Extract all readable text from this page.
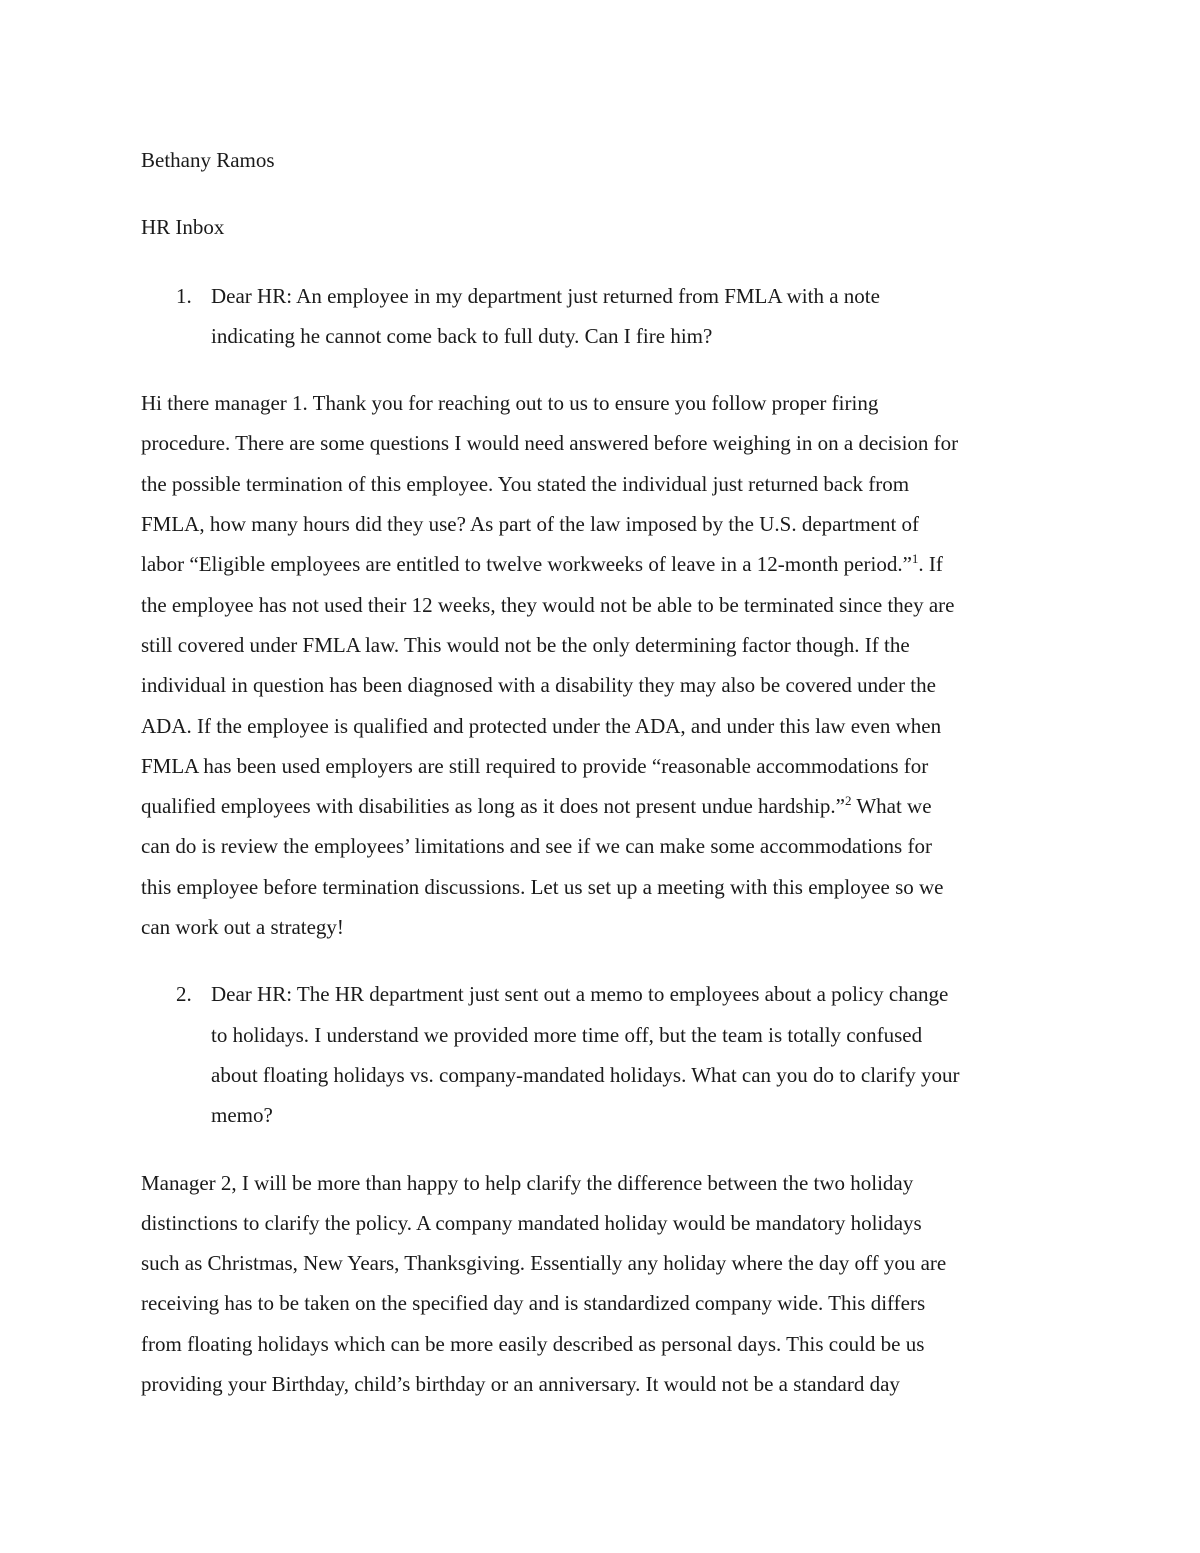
Bethany Ramos
HR Inbox
1. Dear HR: An employee in my department just returned from FMLA with a note
indicating he cannot come back to full duty. Can I fire him?
Hi there manager 1. Thank you for reaching out to us to ensure you follow proper firing
procedure. There are some questions I would need answered before weighing in on a decision for
the possible termination of this employee. You stated the individual just returned back from
FMLA, how many hours did they use? As part of the law imposed by the U.S. department of
labor “Eligible employees are entitled to twelve workweeks of leave in a 12-month period.”$^1$. If
the employee has not used their 12 weeks, they would not be able to be terminated since they are
still covered under FMLA law. This would not be the only determining factor though. If the
individual in question has been diagnosed with a disability they may also be covered under the
ADA. If the employee is qualified and protected under the ADA, and under this law even when
FMLA has been used employers are still required to provide “reasonable accommodations for
qualified employees with disabilities as long as it does not present undue hardship.”$^2$ What we
can do is review the employees’ limitations and see if we can make some accommodations for
this employee before termination discussions. Let us set up a meeting with this employee so we
can work out a strategy!
2. Dear HR: The HR department just sent out a memo to employees about a policy change
to holidays. I understand we provided more time off, but the team is totally confused
about floating holidays vs. company-mandated holidays. What can you do to clarify your
memo?
Manager 2, I will be more than happy to help clarify the difference between the two holiday
distinctions to clarify the policy. A company mandated holiday would be mandatory holidays
such as Christmas, New Years, Thanksgiving. Essentially any holiday where the day off you are
receiving has to be taken on the specified day and is standardized company wide. This differs
from floating holidays which can be more easily described as personal days. This could be us
providing your Birthday, child’s birthday or an anniversary. It would not be a standard day
